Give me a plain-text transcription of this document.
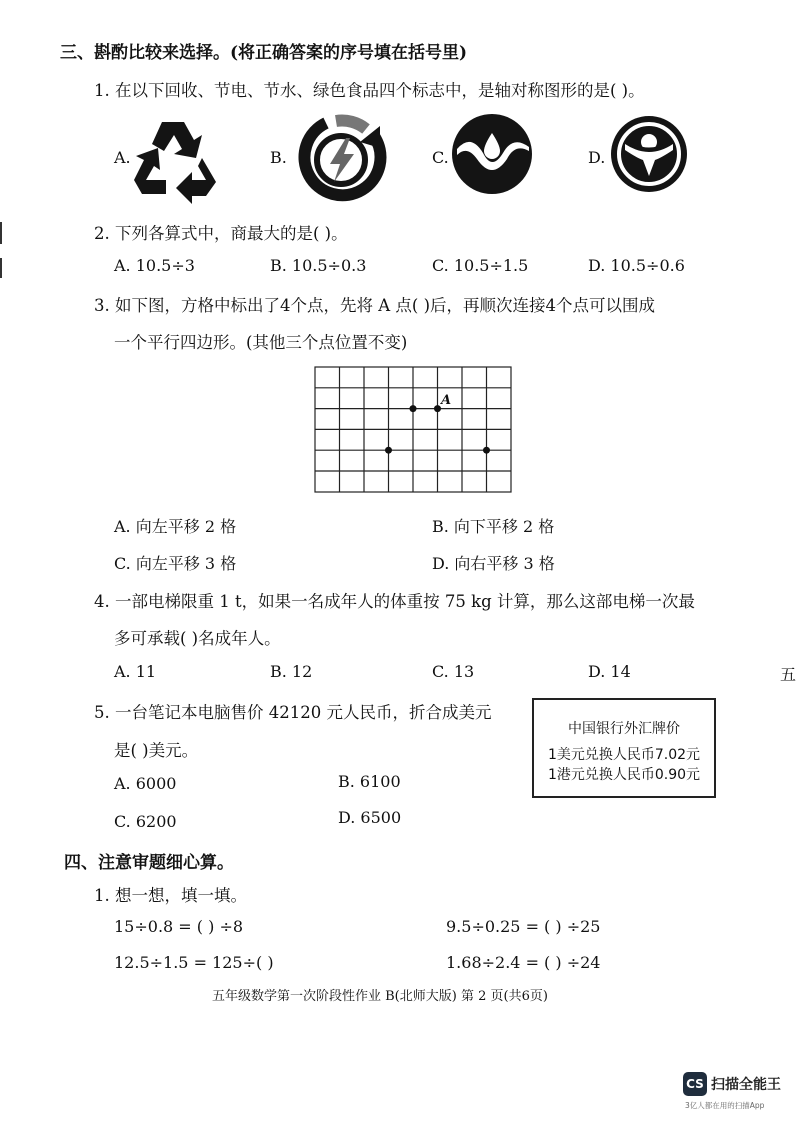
三、斟酌比较来选择。(将正确答案的序号填在括号里)
1. 在以下回收、节电、节水、绿色食品四个标志中，是轴对称图形的是( )。
A.	B.	C.	D.
2. 下列各算式中，商最大的是( )。
A. 10.5÷3	B. 10.5÷0.3	C. 10.5÷1.5	D. 10.5÷0.6
3. 如下图，方格中标出了4个点，先将 A 点( )后，再顺次连接4个点可以围成
一个平行四边形。(其他三个点位置不变)
A
A. 向左平移 2 格	B. 向下平移 2 格
C. 向左平移 3 格	D. 向右平移 3 格
4. 一部电梯限重 1 t，如果一名成年人的体重按 75 kg 计算，那么这部电梯一次最
多可承载( )名成年人。
A. 11	B. 12	C. 13	D. 14	五
5. 一台笔记本电脑售价 42120 元人民币，折合成美元
是( )美元。
A. 6000	B. 6100
C. 6200	D. 6500
中国银行外汇牌价
1美元兑换人民币7.02元
1港元兑换人民币0.90元
四、注意审题细心算。
1. 想一想，填一填。
15÷0.8 = ( ) ÷8	9.5÷0.25 = ( ) ÷25
12.5÷1.5 = 125÷( )	1.68÷2.4 = ( ) ÷24
五年级数学第一次阶段性作业 B(北师大版) 第 2 页(共6页)
CS 扫描全能王
3亿人都在用的扫描App
